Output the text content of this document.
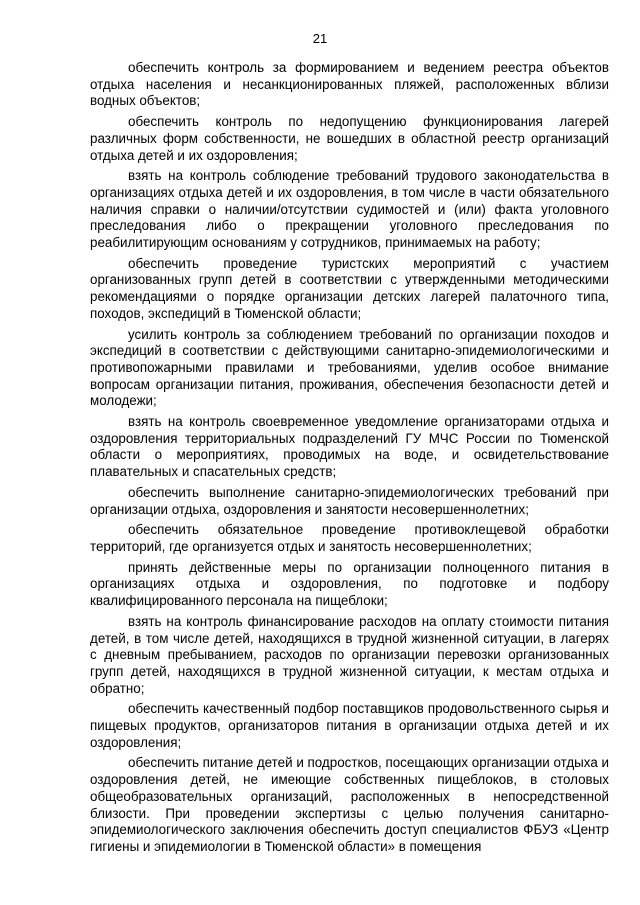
21

обеспечить контроль за формированием и ведением реестра объектов отдыха населения и несанкционированных пляжей, расположенных вблизи водных объектов;

обеспечить контроль по недопущению функционирования лагерей различных форм собственности, не вошедших в областной реестр организаций отдыха детей и их оздоровления;

взять на контроль соблюдение требований трудового законодательства в организациях отдыха детей и их оздоровления, в том числе в части обязательного наличия справки о наличии/отсутствии судимостей и (или) факта уголовного преследования либо о прекращении уголовного преследования по реабилитирующим основаниям у сотрудников, принимаемых на работу;

обеспечить проведение туристских мероприятий с участием организованных групп детей в соответствии с утвержденными методическими рекомендациями о порядке организации детских лагерей палаточного типа, походов, экспедиций в Тюменской области;

усилить контроль за соблюдением требований по организации походов и экспедиций в соответствии с действующими санитарно-эпидемиологическими и противопожарными правилами и требованиями, уделив особое внимание вопросам организации питания, проживания, обеспечения безопасности детей и молодежи;

взять на контроль своевременное уведомление организаторами отдыха и оздоровления территориальных подразделений ГУ МЧС России по Тюменской области о мероприятиях, проводимых на воде, и освидетельствование плавательных и спасательных средств;

обеспечить выполнение санитарно-эпидемиологических требований при организации отдыха, оздоровления и занятости несовершеннолетних;

обеспечить обязательное проведение противоклещевой обработки территорий, где организуется отдых и занятость несовершеннолетних;

принять действенные меры по организации полноценного питания в организациях отдыха и оздоровления, по подготовке и подбору квалифицированного персонала на пищеблоки;

взять на контроль финансирование расходов на оплату стоимости питания детей, в том числе детей, находящихся в трудной жизненной ситуации, в лагерях с дневным пребыванием, расходов по организации перевозки организованных групп детей, находящихся в трудной жизненной ситуации, к местам отдыха и обратно;

обеспечить качественный подбор поставщиков продовольственного сырья и пищевых продуктов, организаторов питания в организации отдыха детей и их оздоровления;

обеспечить питание детей и подростков, посещающих организации отдыха и оздоровления детей, не имеющие собственных пищеблоков, в столовых общеобразовательных организаций, расположенных в непосредственной близости. При проведении экспертизы с целью получения санитарно-эпидемиологического заключения обеспечить доступ специалистов ФБУЗ «Центр гигиены и эпидемиологии в Тюменской области» в помещения
